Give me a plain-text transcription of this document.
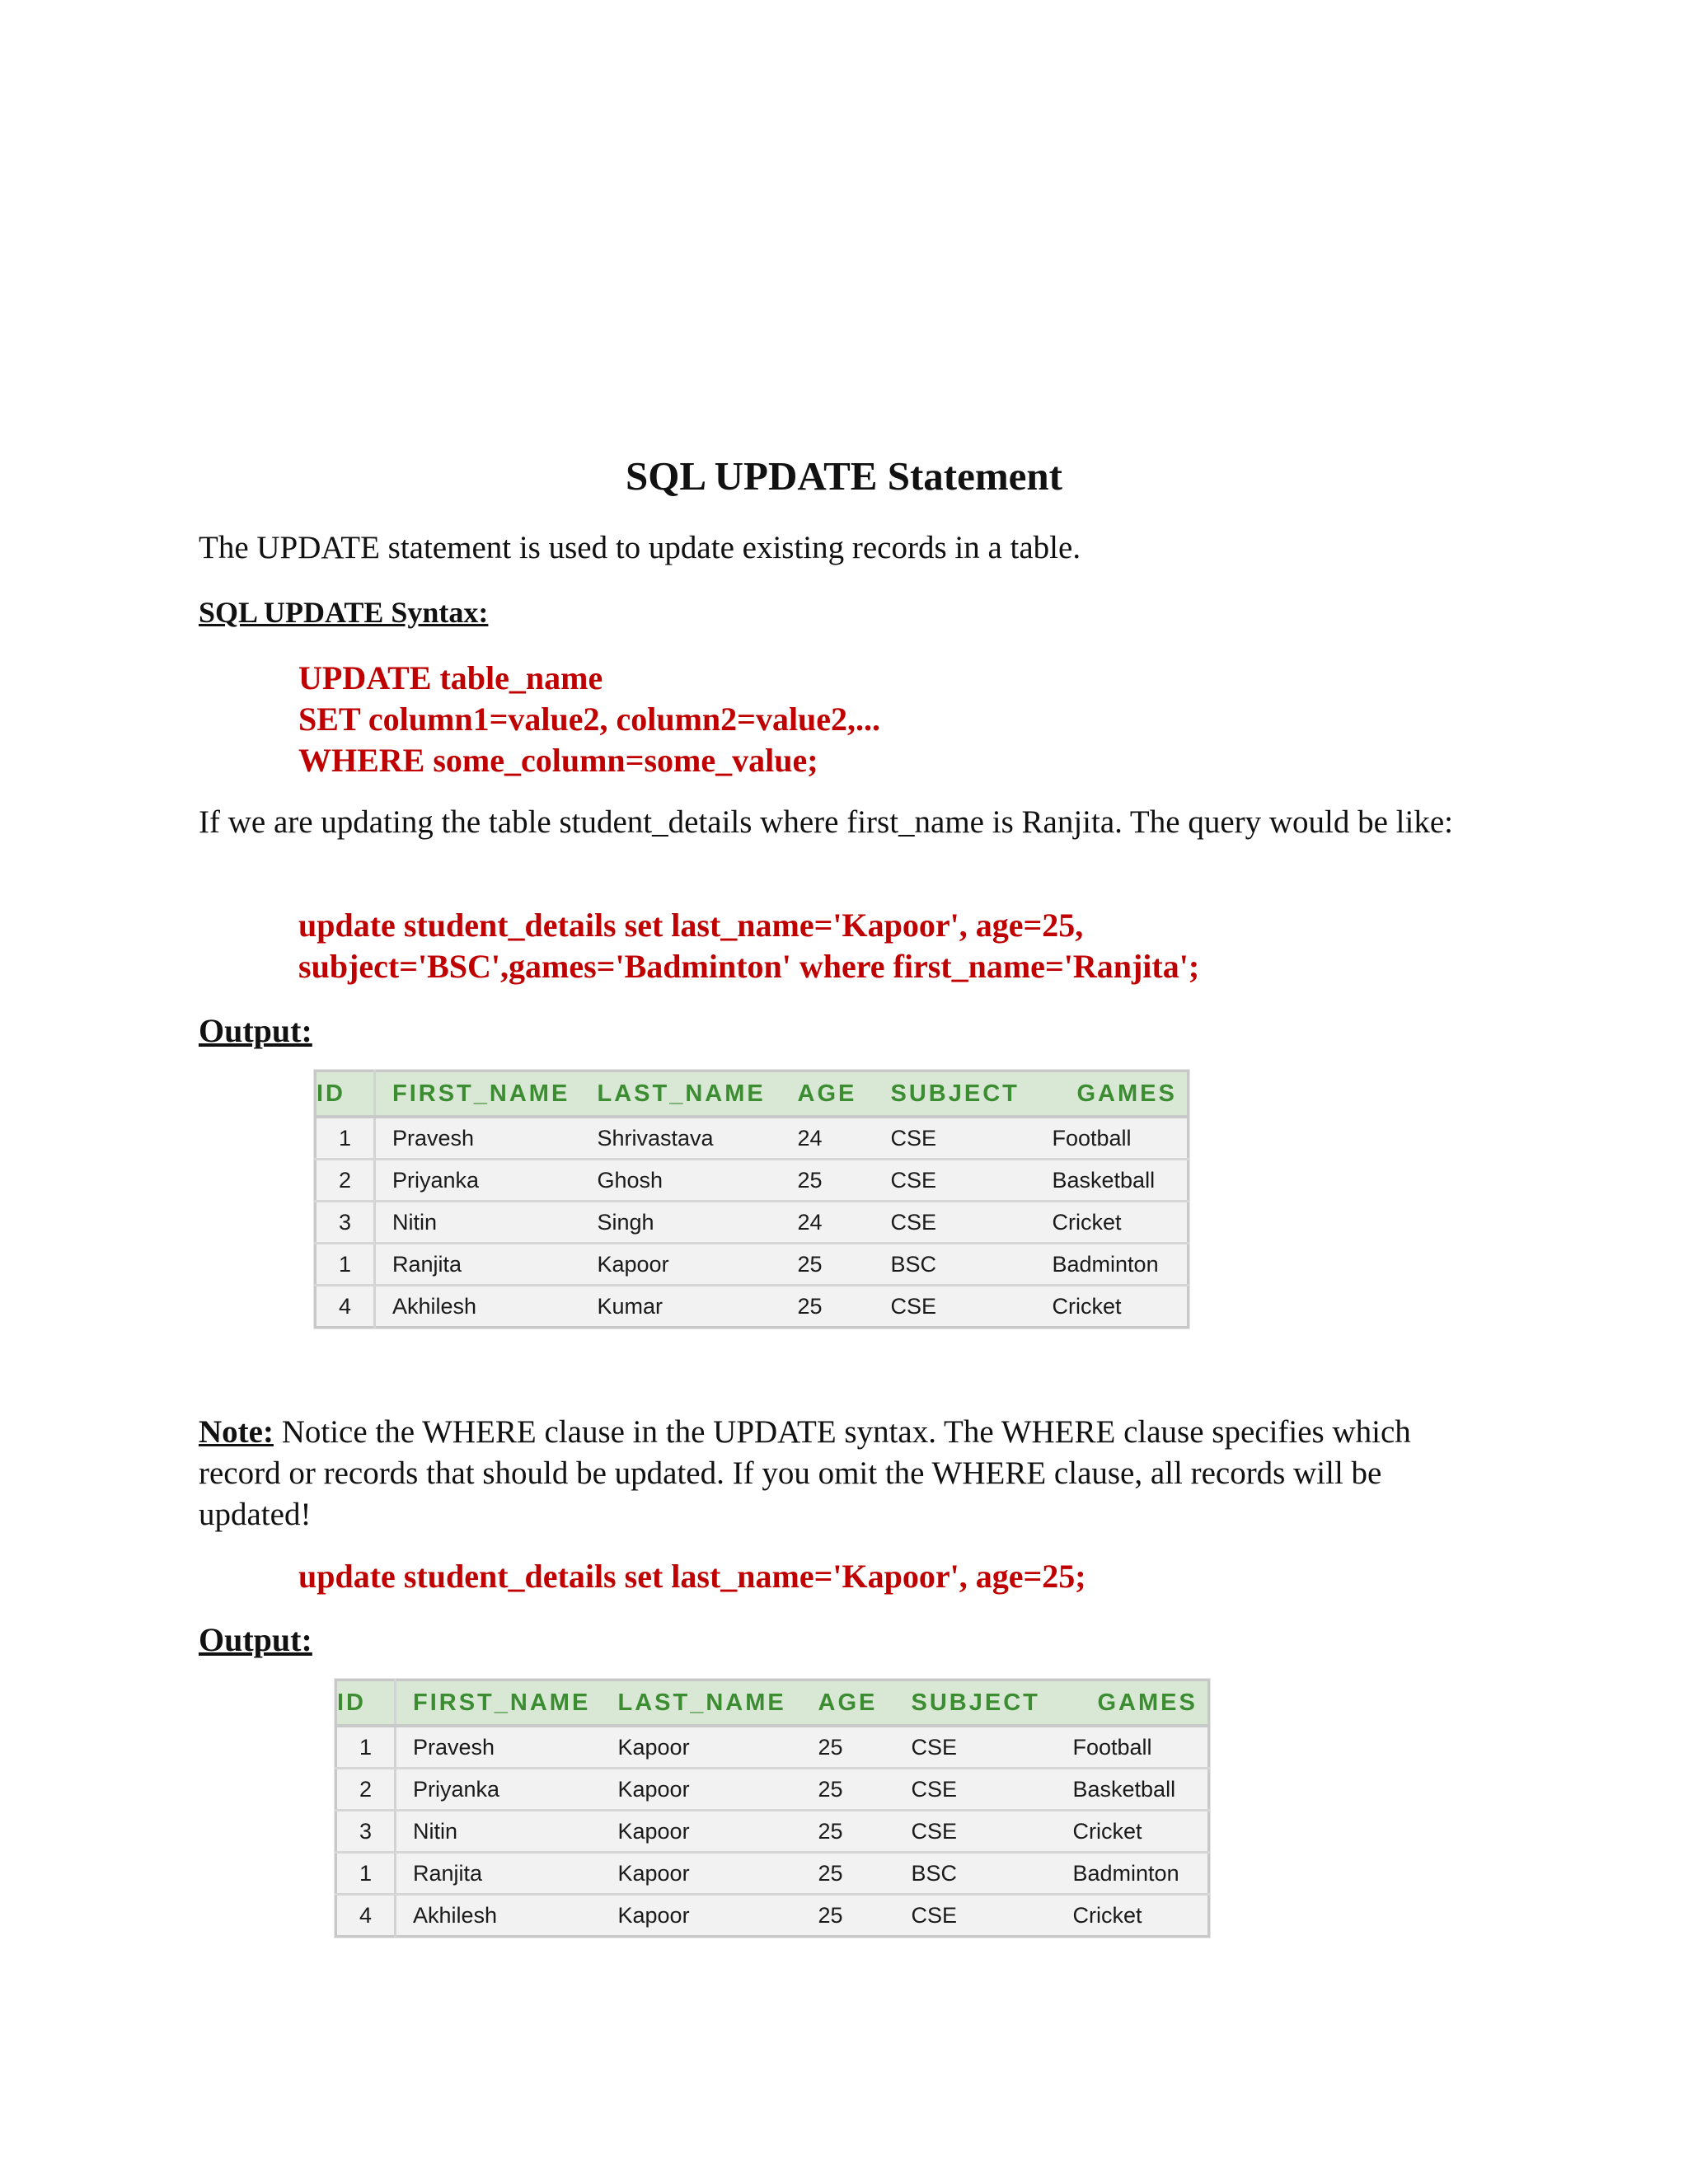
SQL UPDATE Statement
The UPDATE statement is used to update existing records in a table.
SQL UPDATE Syntax:
UPDATE table_name
SET column1=value2, column2=value2,...
WHERE some_column=some_value;
If we are updating the table student_details where first_name is Ranjita. The query would be like:
update student_details set last_name='Kapoor', age=25,
subject='BSC',games='Badminton' where first_name='Ranjita';
Output:
ID	FIRST_NAME	LAST_NAME	AGE	SUBJECT	GAMES
1	Pravesh	Shrivastava	24	CSE	Football
2	Priyanka	Ghosh	25	CSE	Basketball
3	Nitin	Singh	24	CSE	Cricket
1	Ranjita	Kapoor	25	BSC	Badminton
4	Akhilesh	Kumar	25	CSE	Cricket
Note: Notice the WHERE clause in the UPDATE syntax. The WHERE clause specifies which record or records that should be updated. If you omit the WHERE clause, all records will be updated!
update student_details set last_name='Kapoor', age=25;
Output:
ID	FIRST_NAME	LAST_NAME	AGE	SUBJECT	GAMES
1	Pravesh	Kapoor	25	CSE	Football
2	Priyanka	Kapoor	25	CSE	Basketball
3	Nitin	Kapoor	25	CSE	Cricket
1	Ranjita	Kapoor	25	BSC	Badminton
4	Akhilesh	Kapoor	25	CSE	Cricket
